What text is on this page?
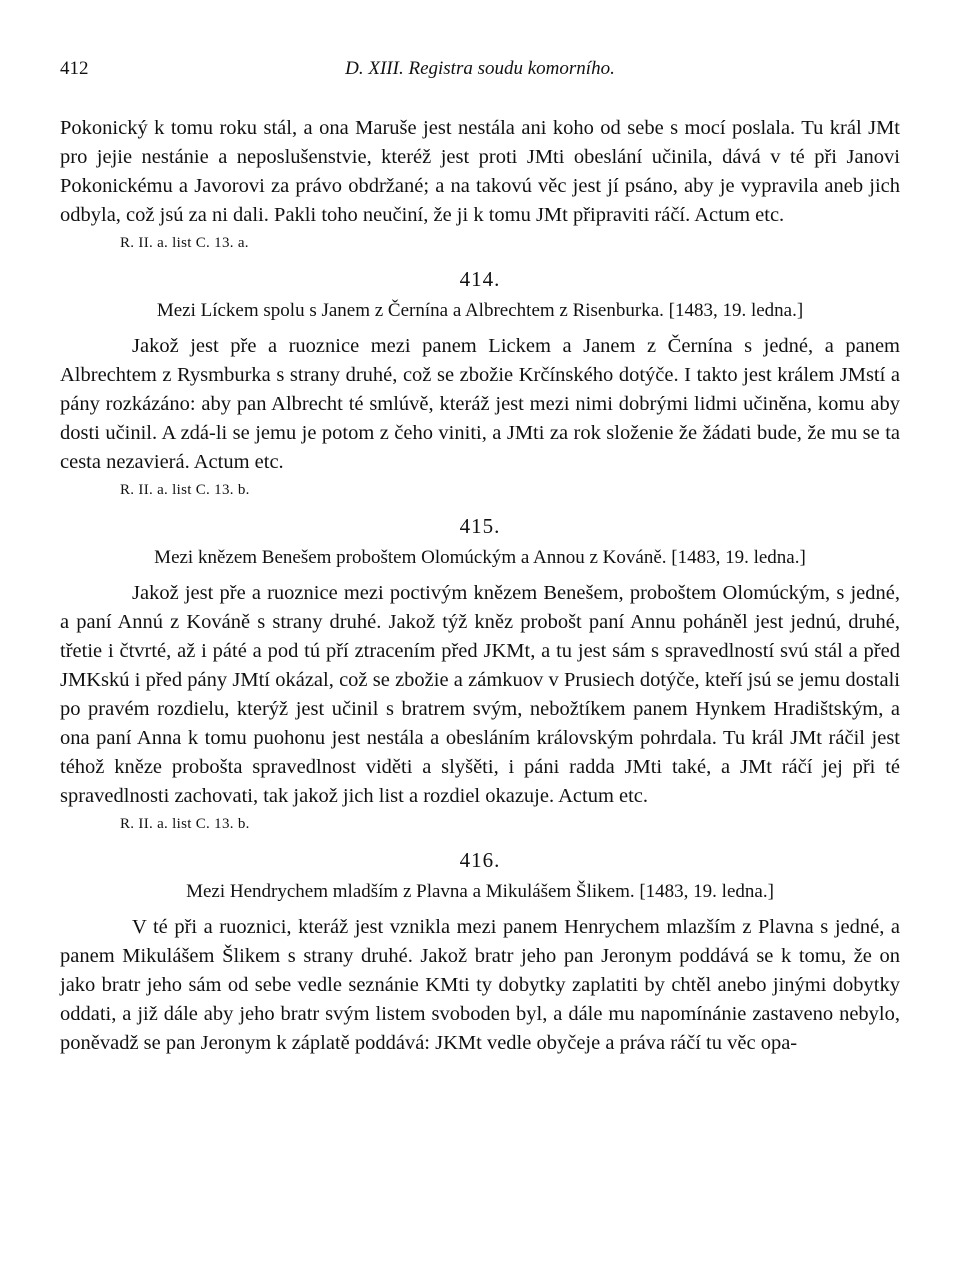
412	D. XIII. Registra soudu komorního.

Pokonický k tomu roku stál, a ona Maruše jest nestála ani koho od sebe s mocí poslala. Tu král JMt pro jejie nestánie a neposlušenstvie, kteréž jest proti JMti obeslání učinila, dává v té při Janovi Pokonickému a Javorovi za právo obdržané; a na takovú věc jest jí psáno, aby je vypravila aneb jich odbyla, což jsú za ni dali. Pakli toho neučiní, že ji k tomu JMt připraviti ráčí. Actum etc.

R. II. a. list C. 13. a.
414.
Mezi Líckem spolu s Janem z Černína a Albrechtem z Risenburka. [1483, 19. ledna.]

Jakož jest pře a ruoznice mezi panem Lickem a Janem z Černína s jedné, a panem Albrechtem z Rysmburka s strany druhé, což se zbožie Krčínského dotýče. I takto jest králem JMstí a pány rozkázáno: aby pan Albrecht té smlúvě, kteráž jest mezi nimi dobrými lidmi učiněna, komu aby dosti učinil. A zdá-li se jemu je potom z čeho viniti, a JMti za rok složenie že žádati bude, že mu se ta cesta nezavierá. Actum etc.

R. II. a. list C. 13. b.
415.
Mezi knězem Benešem proboštem Olomúckým a Annou z Kováně. [1483, 19. ledna.]

Jakož jest pře a ruoznice mezi poctivým knězem Benešem, proboštem Olomúckým, s jedné, a paní Annú z Kováně s strany druhé. Jakož týž kněz probošt paní Annu poháněl jest jednú, druhé, třetie i čtvrté, až i páté a pod tú pří ztracením před JKMt, a tu jest sám s spravedlností svú stál a před JMKskú i před pány JMtí okázal, což se zbožie a zámkuov v Prusiech dotýče, kteří jsú se jemu dostali po pravém rozdielu, kterýž jest učinil s bratrem svým, nebožtíkem panem Hynkem Hradištským, a ona paní Anna k tomu puohonu jest nestála a obesláním královským pohrdala. Tu král JMt ráčil jest téhož kněze probošta spravedlnost viděti a slyšěti, i páni radda JMti také, a JMt ráčí jej při té spravedlnosti zachovati, tak jakož jich list a rozdiel okazuje. Actum etc.

R. II. a. list C. 13. b.
416.
Mezi Hendrychem mladším z Plavna a Mikulášem Šlikem. [1483, 19. ledna.]

V té při a ruoznici, kteráž jest vznikla mezi panem Henrychem mlazším z Plavna s jedné, a panem Mikulášem Šlikem s strany druhé. Jakož bratr jeho pan Jeronym poddává se k tomu, že on jako bratr jeho sám od sebe vedle seznánie KMti ty dobytky zaplatiti by chtěl anebo jinými dobytky oddati, a již dále aby jeho bratr svým listem svoboden byl, a dále mu napomínánie zastaveno nebylo, poněvadž se pan Jeronym k záplatě poddává: JKMt vedle obyčeje a práva ráčí tu věc opa-
